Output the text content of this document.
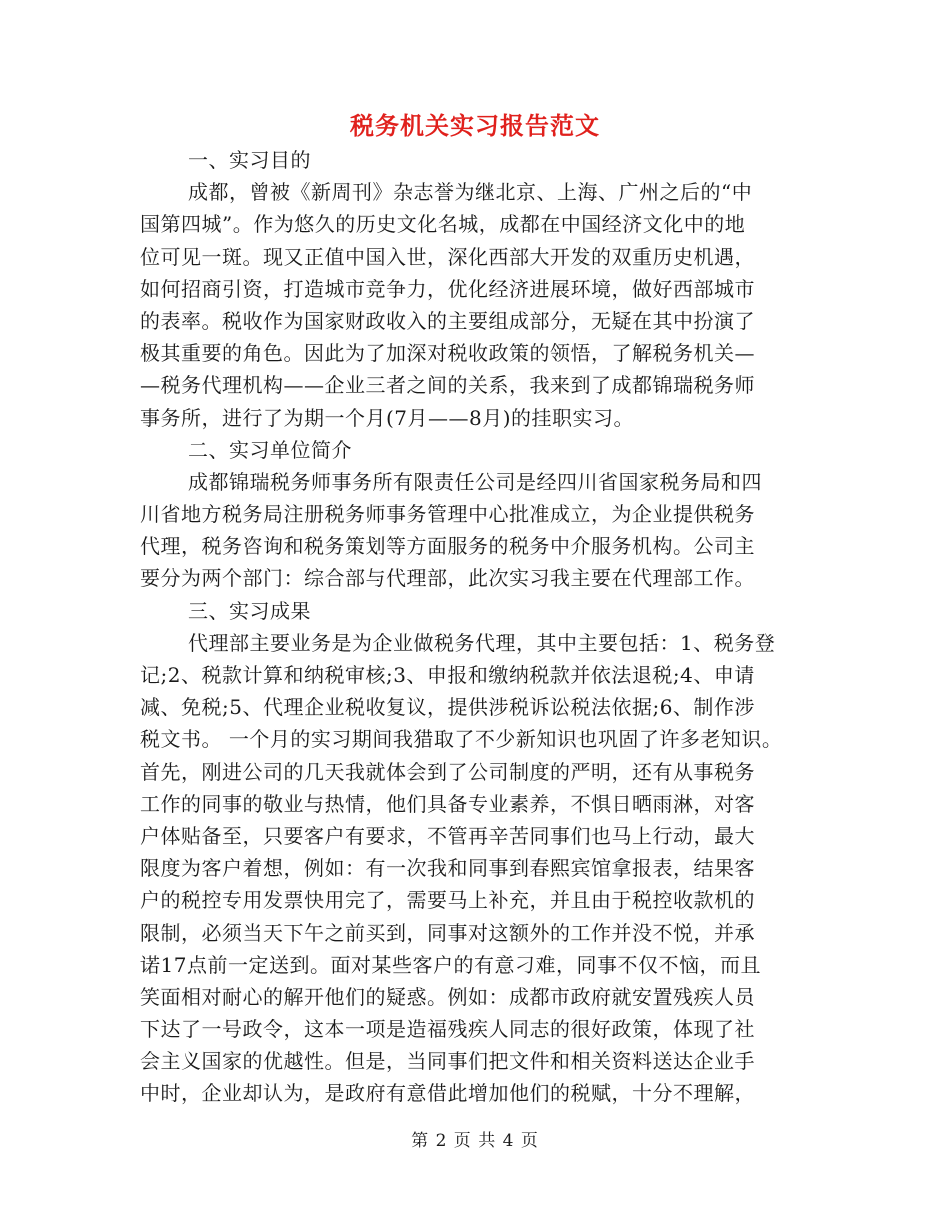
税务机关实习报告范文
一、实习目的
成都，曾被《新周刊》杂志誉为继北京、上海、广州之后的“中
国第四城”。作为悠久的历史文化名城，成都在中国经济文化中的地
位可见一斑。现又正值中国入世，深化西部大开发的双重历史机遇，
如何招商引资，打造城市竞争力，优化经济进展环境，做好西部城市
的表率。税收作为国家财政收入的主要组成部分，无疑在其中扮演了
极其重要的角色。因此为了加深对税收政策的领悟，了解税务机关—
—税务代理机构——企业三者之间的关系，我来到了成都锦瑞税务师
事务所，进行了为期一个月(7月——8月)的挂职实习。
二、实习单位简介
成都锦瑞税务师事务所有限责任公司是经四川省国家税务局和四
川省地方税务局注册税务师事务管理中心批准成立，为企业提供税务
代理，税务咨询和税务策划等方面服务的税务中介服务机构。公司主
要分为两个部门：综合部与代理部，此次实习我主要在代理部工作。
三、实习成果
代理部主要业务是为企业做税务代理，其中主要包括：1、税务登
记;2、税款计算和纳税审核;3、申报和缴纳税款并依法退税;4、申请
减、免税;5、代理企业税收复议，提供涉税诉讼税法依据;6、制作涉
税文书。 一个月的实习期间我猎取了不少新知识也巩固了许多老知识。
首先，刚进公司的几天我就体会到了公司制度的严明，还有从事税务
工作的同事的敬业与热情，他们具备专业素养，不惧日晒雨淋，对客
户体贴备至，只要客户有要求，不管再辛苦同事们也马上行动，最大
限度为客户着想，例如：有一次我和同事到春熙宾馆拿报表，结果客
户的税控专用发票快用完了，需要马上补充，并且由于税控收款机的
限制，必须当天下午之前买到，同事对这额外的工作并没不悦，并承
诺17点前一定送到。面对某些客户的有意刁难，同事不仅不恼，而且
笑面相对耐心的解开他们的疑惑。例如：成都市政府就安置残疾人员
下达了一号政令，这本一项是造福残疾人同志的很好政策，体现了社
会主义国家的优越性。但是，当同事们把文件和相关资料送达企业手
中时，企业却认为，是政府有意借此增加他们的税赋，十分不理解，
第 2 页 共 4 页
